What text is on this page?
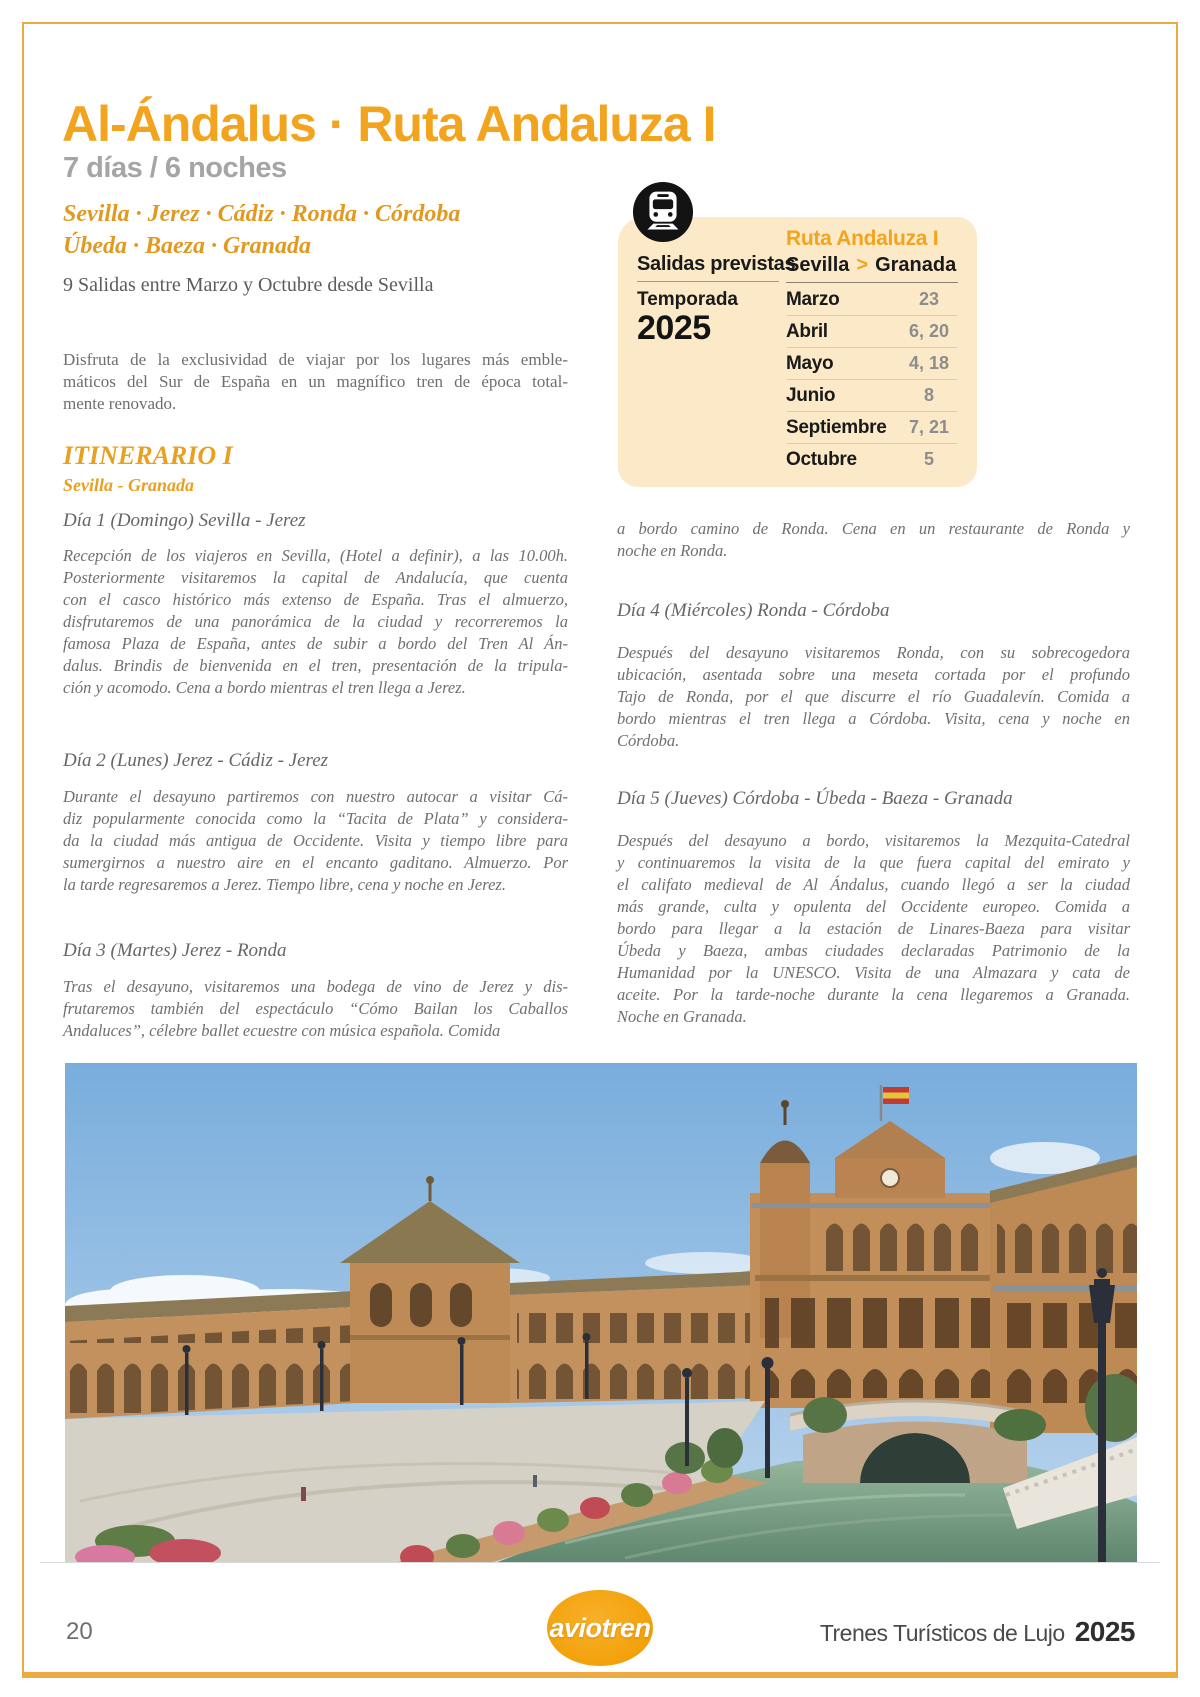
Al-Ándalus · Ruta Andaluza I
7 días / 6 noches
Sevilla · Jerez · Cádiz · Ronda · Córdoba
Úbeda · Baeza · Granada
9 Salidas entre Marzo y Octubre desde Sevilla
Disfruta de la exclusividad de viajar por los lugares más emble-
máticos del Sur de España en un magnífico tren de época total-
mente renovado.
Salidas previstas
Temporada
2025
Ruta Andaluza I
Sevilla > Granada
Marzo	23
Abril	6, 20
Mayo	4, 18
Junio	8
Septiembre	7, 21
Octubre	5
ITINERARIO I
Sevilla - Granada
Día 1 (Domingo) Sevilla - Jerez
Recepción de los viajeros en Sevilla, (Hotel a definir), a las 10.00h.
Posteriormente visitaremos la capital de Andalucía, que cuenta
con el casco histórico más extenso de España. Tras el almuerzo,
disfrutaremos de una panorámica de la ciudad y recorreremos la
famosa Plaza de España, antes de subir a bordo del Tren Al Án-
dalus. Brindis de bienvenida en el tren, presentación de la tripula-
ción y acomodo. Cena a bordo mientras el tren llega a Jerez.
Día 2 (Lunes) Jerez - Cádiz - Jerez
Durante el desayuno partiremos con nuestro autocar a visitar Cá-
diz popularmente conocida como la “Tacita de Plata” y considera-
da la ciudad más antigua de Occidente. Visita y tiempo libre para
sumergirnos a nuestro aire en el encanto gaditano. Almuerzo. Por
la tarde regresaremos a Jerez. Tiempo libre, cena y noche en Jerez.
Día 3 (Martes) Jerez - Ronda
Tras el desayuno, visitaremos una bodega de vino de Jerez y dis-
frutaremos también del espectáculo “Cómo Bailan los Caballos
Andaluces”, célebre ballet ecuestre con música española. Comida
a bordo camino de Ronda. Cena en un restaurante de Ronda y
noche en Ronda.
Día 4 (Miércoles) Ronda - Córdoba
Después del desayuno visitaremos Ronda, con su sobrecogedora
ubicación, asentada sobre una meseta cortada por el profundo
Tajo de Ronda, por el que discurre el río Guadalevín. Comida a
bordo mientras el tren llega a Córdoba. Visita, cena y noche en
Córdoba.
Día 5 (Jueves) Córdoba - Úbeda - Baeza - Granada
Después del desayuno a bordo, visitaremos la Mezquita-Catedral
y continuaremos la visita de la que fuera capital del emirato y
el califato medieval de Al Ándalus, cuando llegó a ser la ciudad
más grande, culta y opulenta del Occidente europeo. Comida a
bordo para llegar a la estación de Linares-Baeza para visitar
Úbeda y Baeza, ambas ciudades declaradas Patrimonio de la
Humanidad por la UNESCO. Visita de una Almazara y cata de
aceite. Por la tarde-noche durante la cena llegaremos a Granada.
Noche en Granada.
20	aviotren	Trenes Turísticos de Lujo 2025
